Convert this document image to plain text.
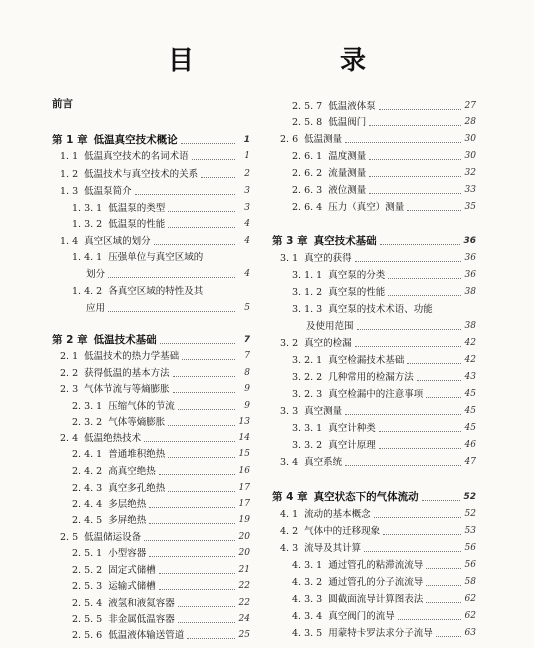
目　录
前言
第 1 章 低温真空技术概论	1
1. 1 低温真空技术的名词术语	1
1. 2 低温技术与真空技术的关系	2
1. 3 低温泵简介	3
1. 3. 1 低温泵的类型	3
1. 3. 2 低温泵的性能	4
1. 4 真空区域的划分	4
1. 4. 1 压强单位与真空区域的
划分	4
1. 4. 2 各真空区域的特性及其
应用	5
第 2 章 低温技术基础	7
2. 1 低温技术的热力学基础	7
2. 2 获得低温的基本方法	8
2. 3 气体节流与等熵膨胀	9
2. 3. 1 压缩气体的节流	9
2. 3. 2 气体等熵膨胀	13
2. 4 低温绝热技术	14
2. 4. 1 普通堆积绝热	15
2. 4. 2 高真空绝热	16
2. 4. 3 真空多孔绝热	17
2. 4. 4 多层绝热	17
2. 4. 5 多屏绝热	19
2. 5 低温储运设备	20
2. 5. 1 小型容器	20
2. 5. 2 固定式储槽	21
2. 5. 3 运输式储槽	22
2. 5. 4 液氢和液氦容器	22
2. 5. 5 非金属低温容器	24
2. 5. 6 低温液体输送管道	25
2. 5. 7 低温液体泵	27
2. 5. 8 低温阀门	28
2. 6 低温测量	30
2. 6. 1 温度测量	30
2. 6. 2 流量测量	32
2. 6. 3 液位测量	33
2. 6. 4 压力（真空）测量	35
第 3 章 真空技术基础	36
3. 1 真空的获得	36
3. 1. 1 真空泵的分类	36
3. 1. 2 真空泵的性能	38
3. 1. 3 真空泵的技术术语、功能
及使用范围	38
3. 2 真空的检漏	42
3. 2. 1 真空检漏技术基础	42
3. 2. 2 几种常用的检漏方法	43
3. 2. 3 真空检漏中的注意事项	45
3. 3 真空测量	45
3. 3. 1 真空计种类	45
3. 3. 2 真空计原理	46
3. 4 真空系统	47
第 4 章 真空状态下的气体流动	52
4. 1 流动的基本概念	52
4. 2 气体中的迁移现象	53
4. 3 流导及其计算	56
4. 3. 1 通过管孔的粘滞流流导	56
4. 3. 2 通过管孔的分子流流导	58
4. 3. 3 圆截面流导计算图表法	62
4. 3. 4 真空阀门的流导	62
4. 3. 5 用蒙特卡罗法求分子流导	63
